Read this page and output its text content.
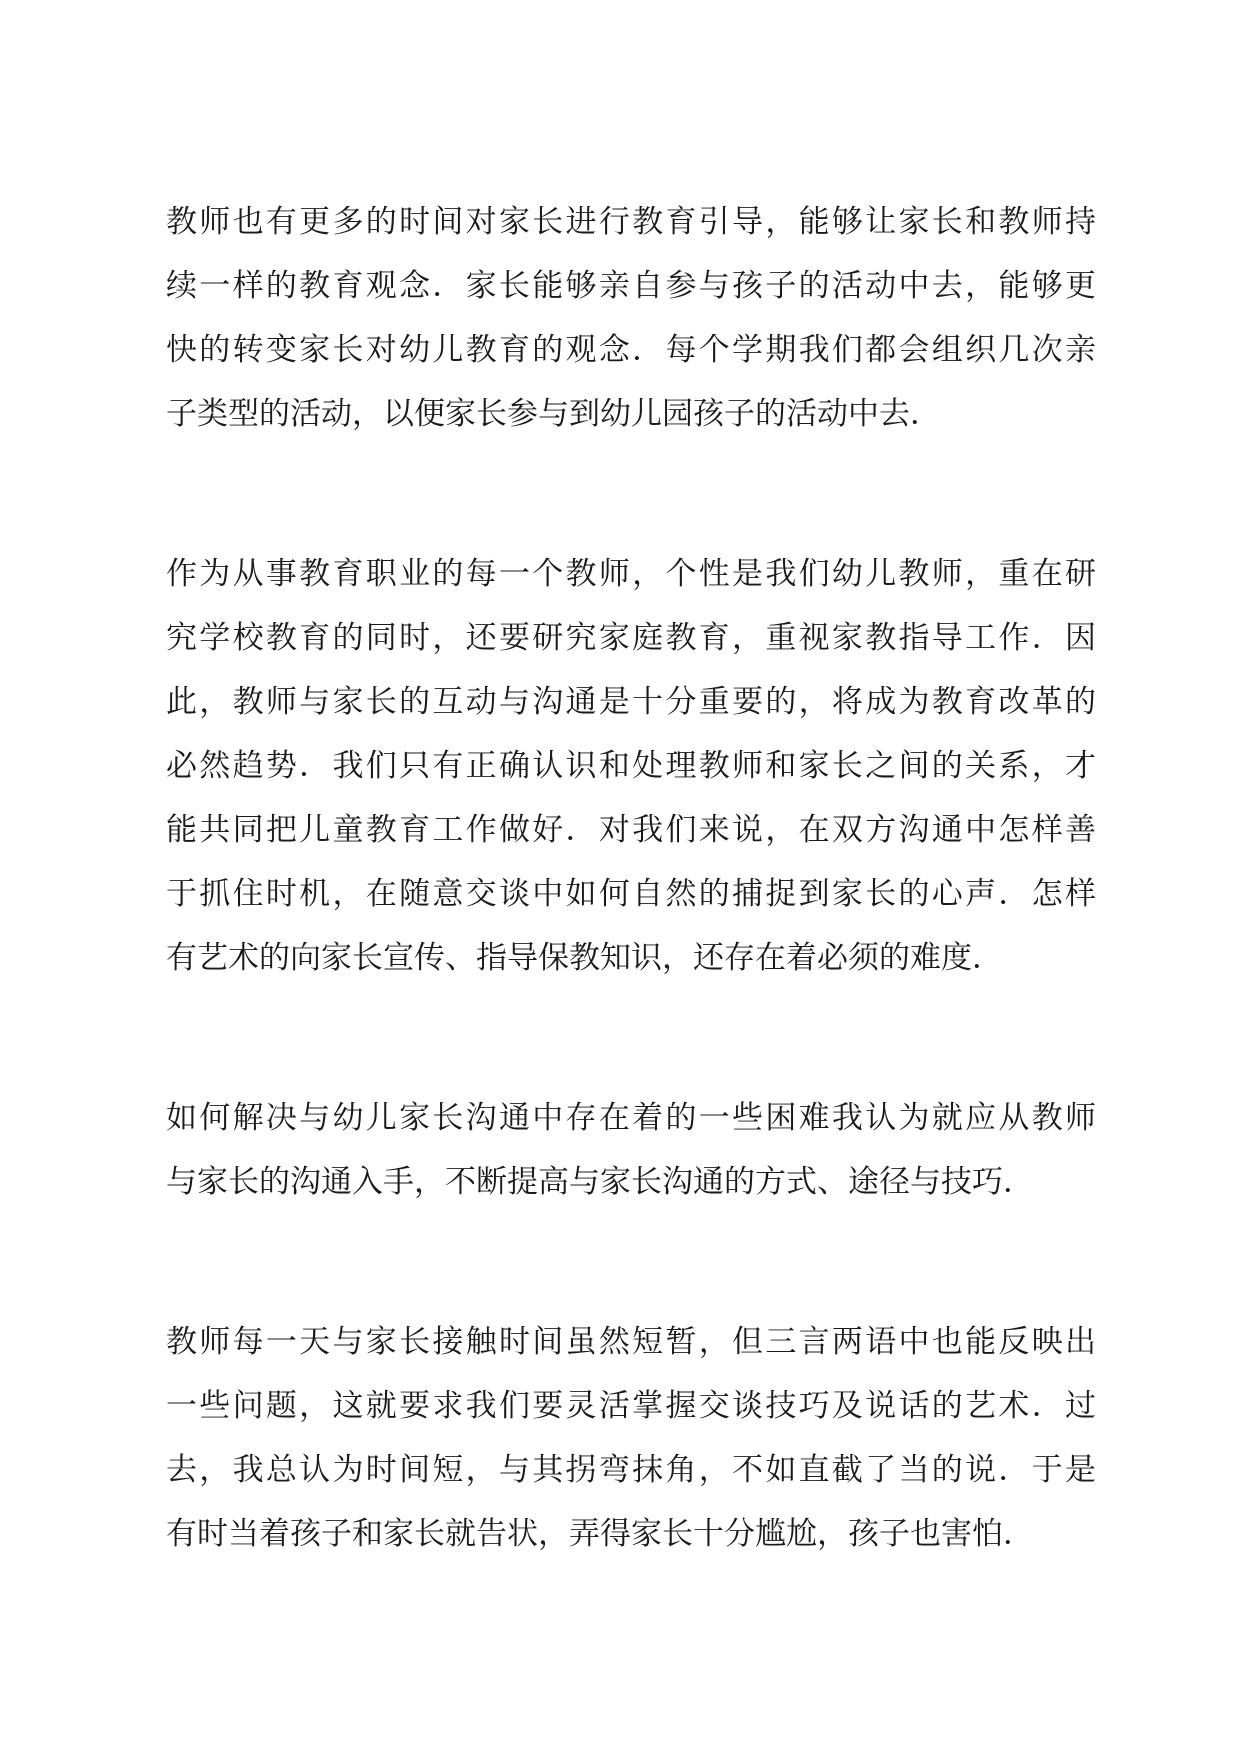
教师也有更多的时间对家长进行教育引导，能够让家长和教师持
续一样的教育观念．家长能够亲自参与孩子的活动中去，能够更
快的转变家长对幼儿教育的观念．每个学期我们都会组织几次亲
子类型的活动，以便家长参与到幼儿园孩子的活动中去．
作为从事教育职业的每一个教师，个性是我们幼儿教师，重在研
究学校教育的同时，还要研究家庭教育，重视家教指导工作．因
此，教师与家长的互动与沟通是十分重要的，将成为教育改革的
必然趋势．我们只有正确认识和处理教师和家长之间的关系，才
能共同把儿童教育工作做好．对我们来说，在双方沟通中怎样善
于抓住时机，在随意交谈中如何自然的捕捉到家长的心声．怎样
有艺术的向家长宣传、指导保教知识，还存在着必须的难度．
如何解决与幼儿家长沟通中存在着的一些困难我认为就应从教师
与家长的沟通入手，不断提高与家长沟通的方式、途径与技巧．
教师每一天与家长接触时间虽然短暂，但三言两语中也能反映出
一些问题，这就要求我们要灵活掌握交谈技巧及说话的艺术．过
去，我总认为时间短，与其拐弯抹角，不如直截了当的说．于是
有时当着孩子和家长就告状，弄得家长十分尴尬，孩子也害怕．
